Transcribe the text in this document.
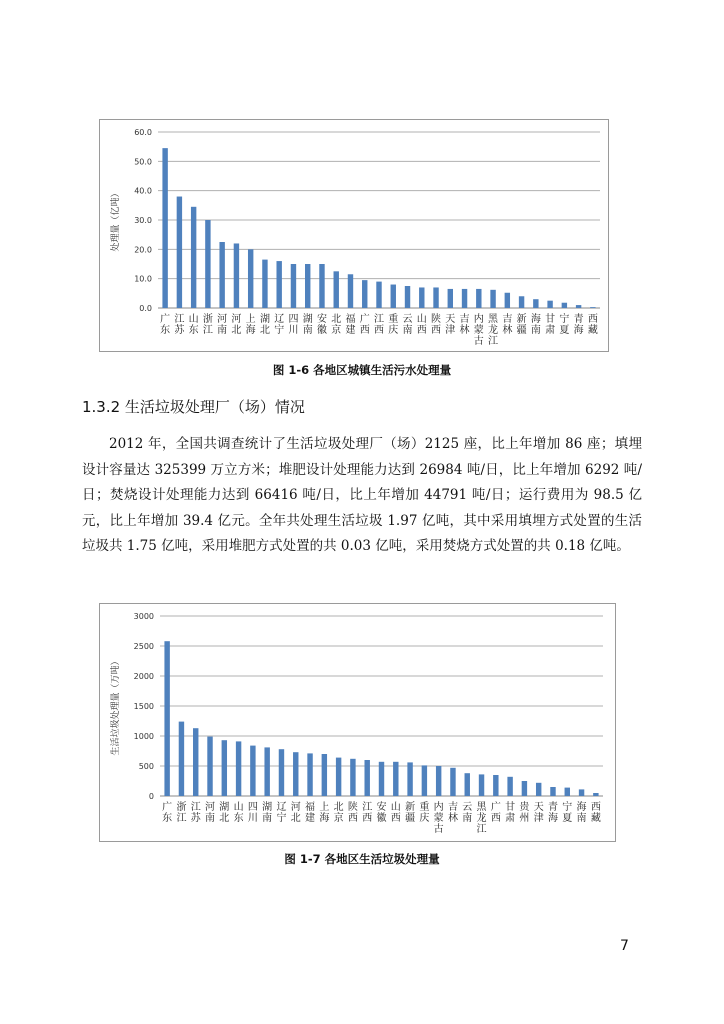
0.0
10.0
20.0
30.0
40.0
50.0
60.0
广东
江苏
山东
浙江
河南
河北
上海
湖北
辽宁
四川
湖南
安徽
北京
福建
广西
江西
重庆
云南
山西
陕西
天津
吉林
内蒙古
黑龙江
吉林
新疆
海南
甘肃
宁夏
青海
西藏
处理量（亿吨）
图 1-6 各地区城镇生活污水处理量
1.3.2 生活垃圾处理厂（场）情况

2012 年，全国共调查统计了生活垃圾处理厂（场）2125 座，比上年增加 86 座；填埋设计容量达 325399 万立方米；堆肥设计处理能力达到 26984 吨/日，比上年增加 6292 吨/日；焚烧设计处理能力达到 66416 吨/日，比上年增加 44791 吨/日；运行费用为 98.5 亿元，比上年增加 39.4 亿元。全年共处理生活垃圾 1.97 亿吨，其中采用填埋方式处置的生活垃圾共 1.75 亿吨，采用堆肥方式处置的共 0.03 亿吨，采用焚烧方式处置的共 0.18 亿吨。

0
500
1000
1500
2000
2500
3000
广东
浙江
江苏
河南
湖北
山东
四川
湖南
辽宁
河北
福建
上海
北京
陕西
江西
安徽
山西
新疆
重庆
内蒙古
吉林
云南
黑龙江
广西
甘肃
贵州
天津
青海
宁夏
海南
西藏
生活垃圾处理量（万吨）
图 1-7 各地区生活垃圾处理量
7
